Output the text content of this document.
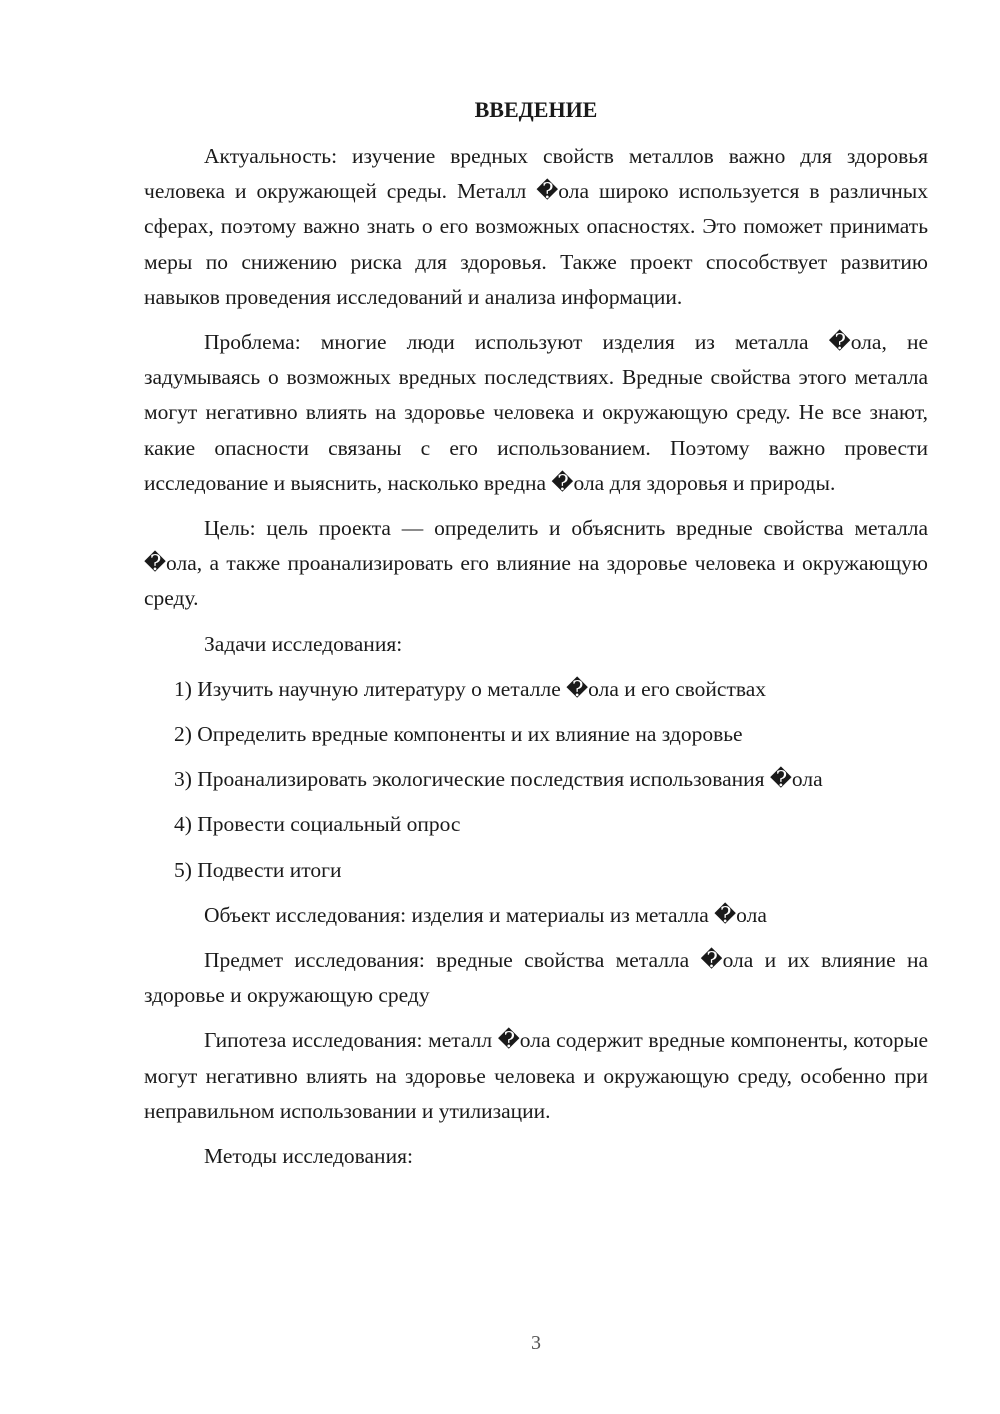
ВВЕДЕНИЕ

Актуальность: изучение вредных свойств металлов важно для здоровья человека и окружающей среды. Металл �ола широко используется в различных сферах, поэтому важно знать о его возможных опасностях. Это поможет принимать меры по снижению риска для здоровья. Также проект способствует развитию навыков проведения исследований и анализа информации.

Проблема: многие люди используют изделия из металла �ола, не задумываясь о возможных вредных последствиях. Вредные свойства этого металла могут негативно влиять на здоровье человека и окружающую среду. Не все знают, какие опасности связаны с его использованием. Поэтому важно провести исследование и выяснить, насколько вредна �ола для здоровья и природы.

Цель: цель проекта — определить и объяснить вредные свойства металла �ола, а также проанализировать его влияние на здоровье человека и окружающую среду.

Задачи исследования:

1) Изучить научную литературу о металле �ола и его свойствах
2) Определить вредные компоненты и их влияние на здоровье
3) Проанализировать экологические последствия использования �ола
4) Провести социальный опрос
5) Подвести итоги

Объект исследования: изделия и материалы из металла �ола

Предмет исследования: вредные свойства металла �ола и их влияние на здоровье и окружающую среду

Гипотеза исследования: металл �ола содержит вредные компоненты, которые могут негативно влиять на здоровье человека и окружающую среду, особенно при неправильном использовании и утилизации.

Методы исследования:

3
